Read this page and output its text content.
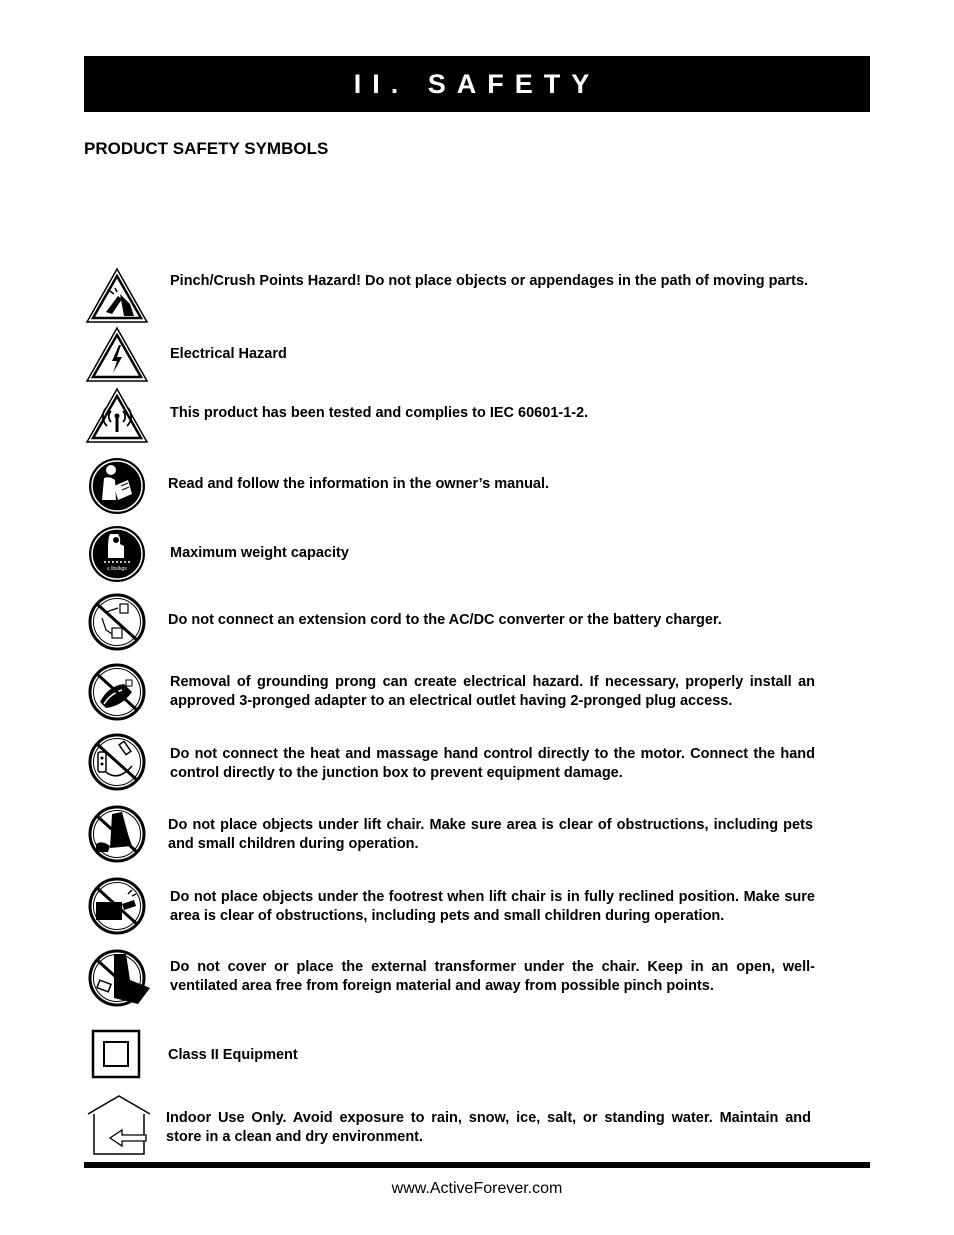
II. SAFETY
PRODUCT SAFETY SYMBOLS
Pinch/Crush Points Hazard! Do not place objects or appendages in the path of moving parts.
Electrical Hazard
This product has been tested and complies to IEC 60601-1-2.
Read and follow the information in the owner’s manual.
≤ lbs/kgs
Maximum weight capacity
Do not connect an extension cord to the AC/DC converter or the battery charger.
Removal of grounding prong can create electrical hazard. If necessary, properly install an approved 3-pronged adapter to an electrical outlet having 2-pronged plug access.
Do not connect the heat and massage hand control directly to the motor. Connect the hand control directly to the junction box to prevent equipment damage.
Do not place objects under lift chair. Make sure area is clear of obstructions, including pets and small children during operation.
Do not place objects under the footrest when lift chair is in fully reclined position. Make sure area is clear of obstructions, including pets and small children during operation.
Do not cover or place the external transformer under the chair. Keep in an open, well-ventilated area free from foreign material and away from possible pinch points.
Class II Equipment
Indoor Use Only. Avoid exposure to rain, snow, ice, salt, or standing water. Maintain and store in a clean and dry environment.
www.ActiveForever.com
